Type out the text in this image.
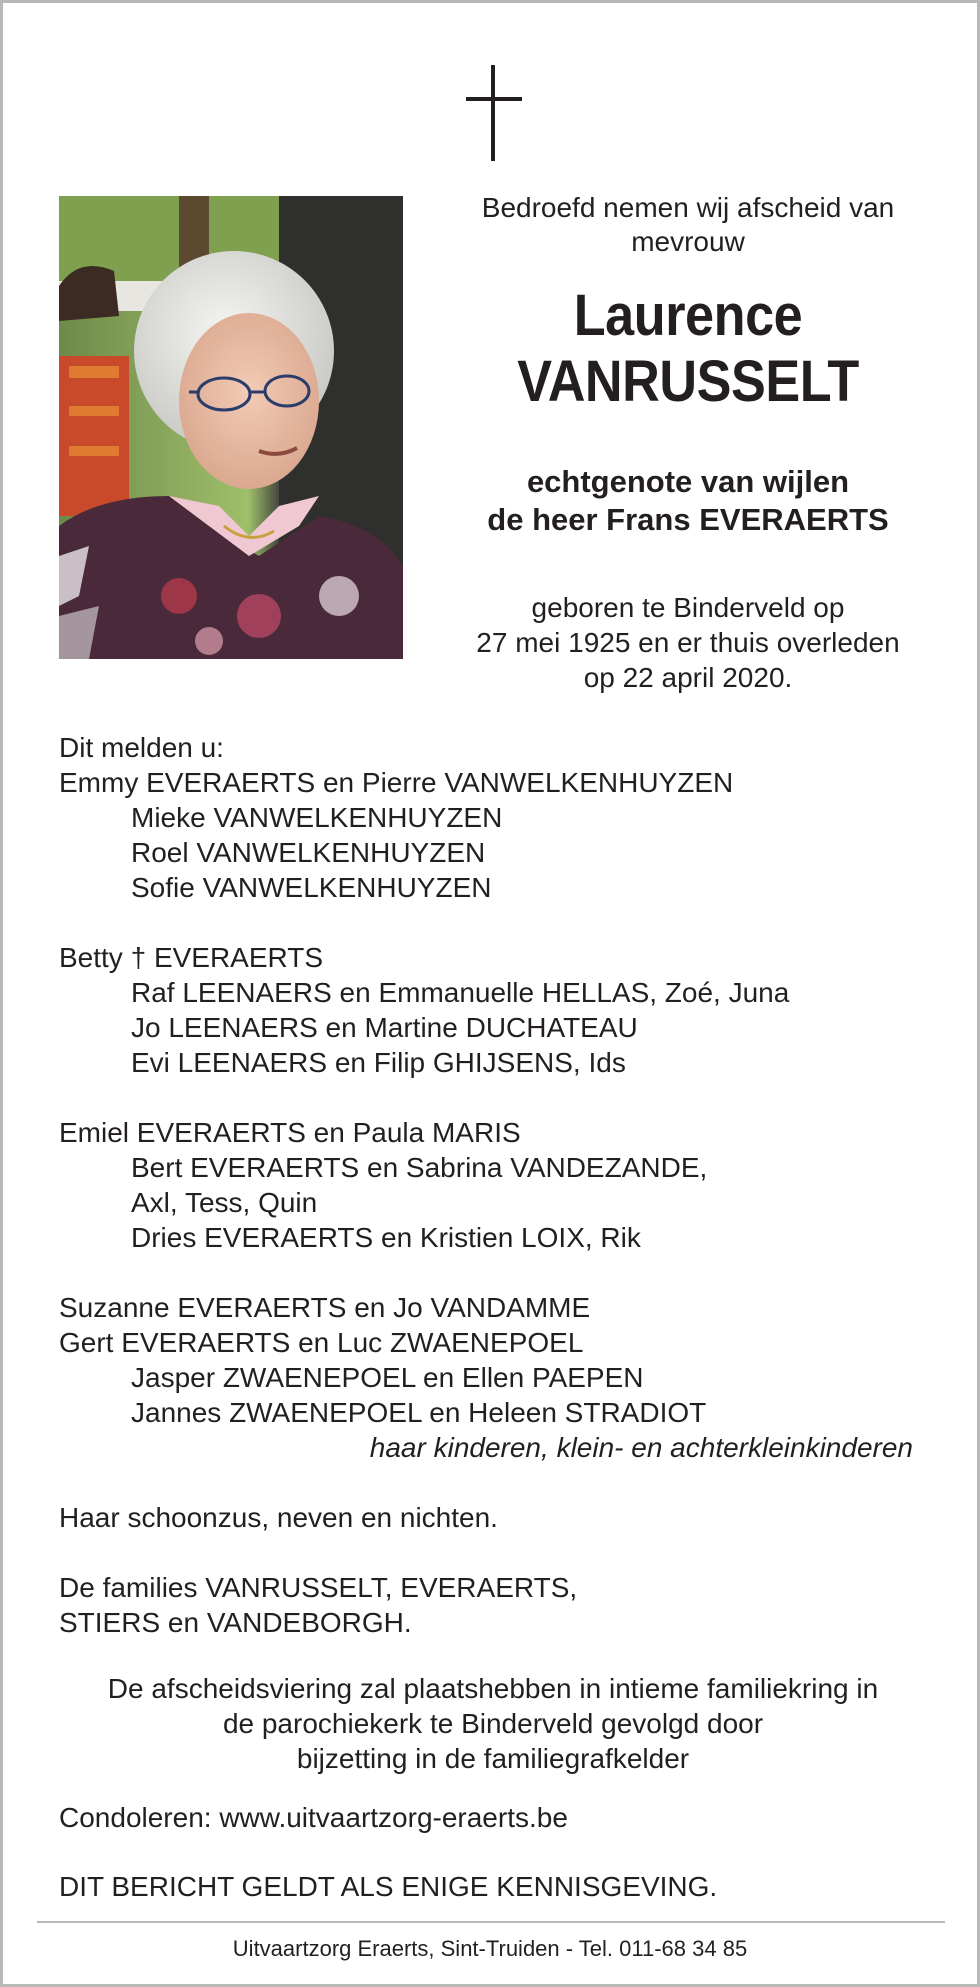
Bedroefd nemen wij afscheid van
mevrouw
Laurence
VANRUSSELT
echtgenote van wijlen
de heer Frans EVERAERTS
geboren te Binderveld op
27 mei 1925 en er thuis overleden
op 22 april 2020.
Dit melden u:
Emmy EVERAERTS en Pierre VANWELKENHUYZEN
Mieke VANWELKENHUYZEN
Roel VANWELKENHUYZEN
Sofie VANWELKENHUYZEN
Betty † EVERAERTS
Raf LEENAERS en Emmanuelle HELLAS, Zoé, Juna
Jo LEENAERS en Martine DUCHATEAU
Evi LEENAERS en Filip GHIJSENS, Ids
Emiel EVERAERTS en Paula MARIS
Bert EVERAERTS en Sabrina VANDEZANDE,
Axl, Tess, Quin
Dries EVERAERTS en Kristien LOIX, Rik
Suzanne EVERAERTS en Jo VANDAMME
Gert EVERAERTS en Luc ZWAENEPOEL
Jasper ZWAENEPOEL en Ellen PAEPEN
Jannes ZWAENEPOEL en Heleen STRADIOT
haar kinderen, klein- en achterkleinkinderen
Haar schoonzus, neven en nichten.
De families VANRUSSELT, EVERAERTS,
STIERS en VANDEBORGH.
De afscheidsviering zal plaatshebben in intieme familiekring in
de parochiekerk te Binderveld gevolgd door
bijzetting in de familiegrafkelder
Condoleren: www.uitvaartzorg-eraerts.be
DIT BERICHT GELDT ALS ENIGE KENNISGEVING.
Uitvaartzorg Eraerts, Sint-Truiden - Tel. 011-68 34 85
